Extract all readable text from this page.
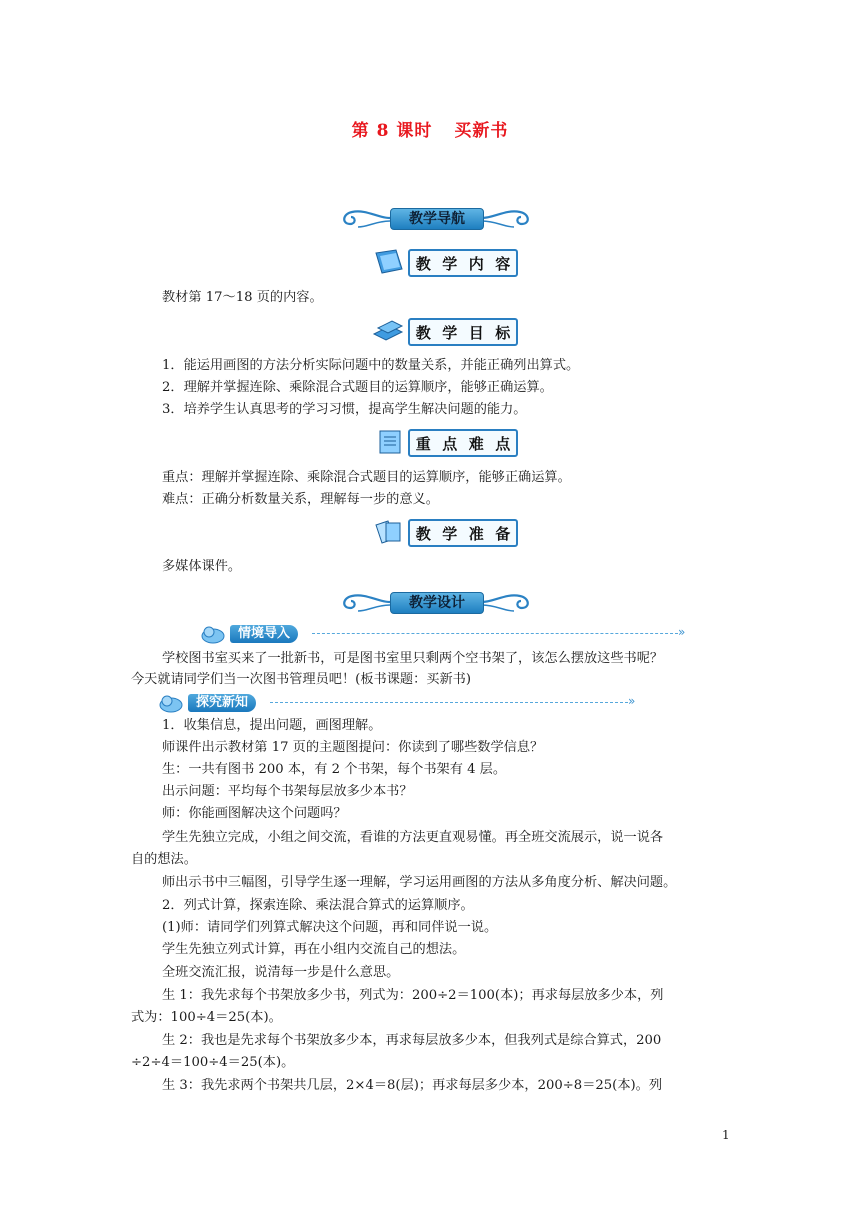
第 8 课时 买新书
教学导航
教 学 内 容
教材第 17～18 页的内容。
教 学 目 标
1．能运用画图的方法分析实际问题中的数量关系，并能正确列出算式。
2．理解并掌握连除、乘除混合式题目的运算顺序，能够正确运算。
3．培养学生认真思考的学习习惯，提高学生解决问题的能力。
重 点 难 点
重点：理解并掌握连除、乘除混合式题目的运算顺序，能够正确运算。
难点：正确分析数量关系，理解每一步的意义。
教 学 准 备
多媒体课件。
教学设计
情境导入	»
学校图书室买来了一批新书，可是图书室里只剩两个空书架了，该怎么摆放这些书呢？
今天就请同学们当一次图书管理员吧！(板书课题：买新书)
探究新知	»
1．收集信息，提出问题，画图理解。
师课件出示教材第 17 页的主题图提问：你读到了哪些数学信息？
生：一共有图书 200 本，有 2 个书架，每个书架有 4 层。
出示问题：平均每个书架每层放多少本书？
师：你能画图解决这个问题吗？
学生先独立完成，小组之间交流，看谁的方法更直观易懂。再全班交流展示，说一说各
自的想法。
师出示书中三幅图，引导学生逐一理解，学习运用画图的方法从多角度分析、解决问题。
2．列式计算，探索连除、乘法混合算式的运算顺序。
(1)师：请同学们列算式解决这个问题，再和同伴说一说。
学生先独立列式计算，再在小组内交流自己的想法。
全班交流汇报，说清每一步是什么意思。
生 1：我先求每个书架放多少书，列式为：200÷2＝100(本)；再求每层放多少本，列
式为：100÷4＝25(本)。
生 2：我也是先求每个书架放多少本，再求每层放多少本，但我列式是综合算式，200
÷2÷4＝100÷4＝25(本)。
生 3：我先求两个书架共几层，2×4＝8(层)；再求每层多少本，200÷8＝25(本)。列
1
